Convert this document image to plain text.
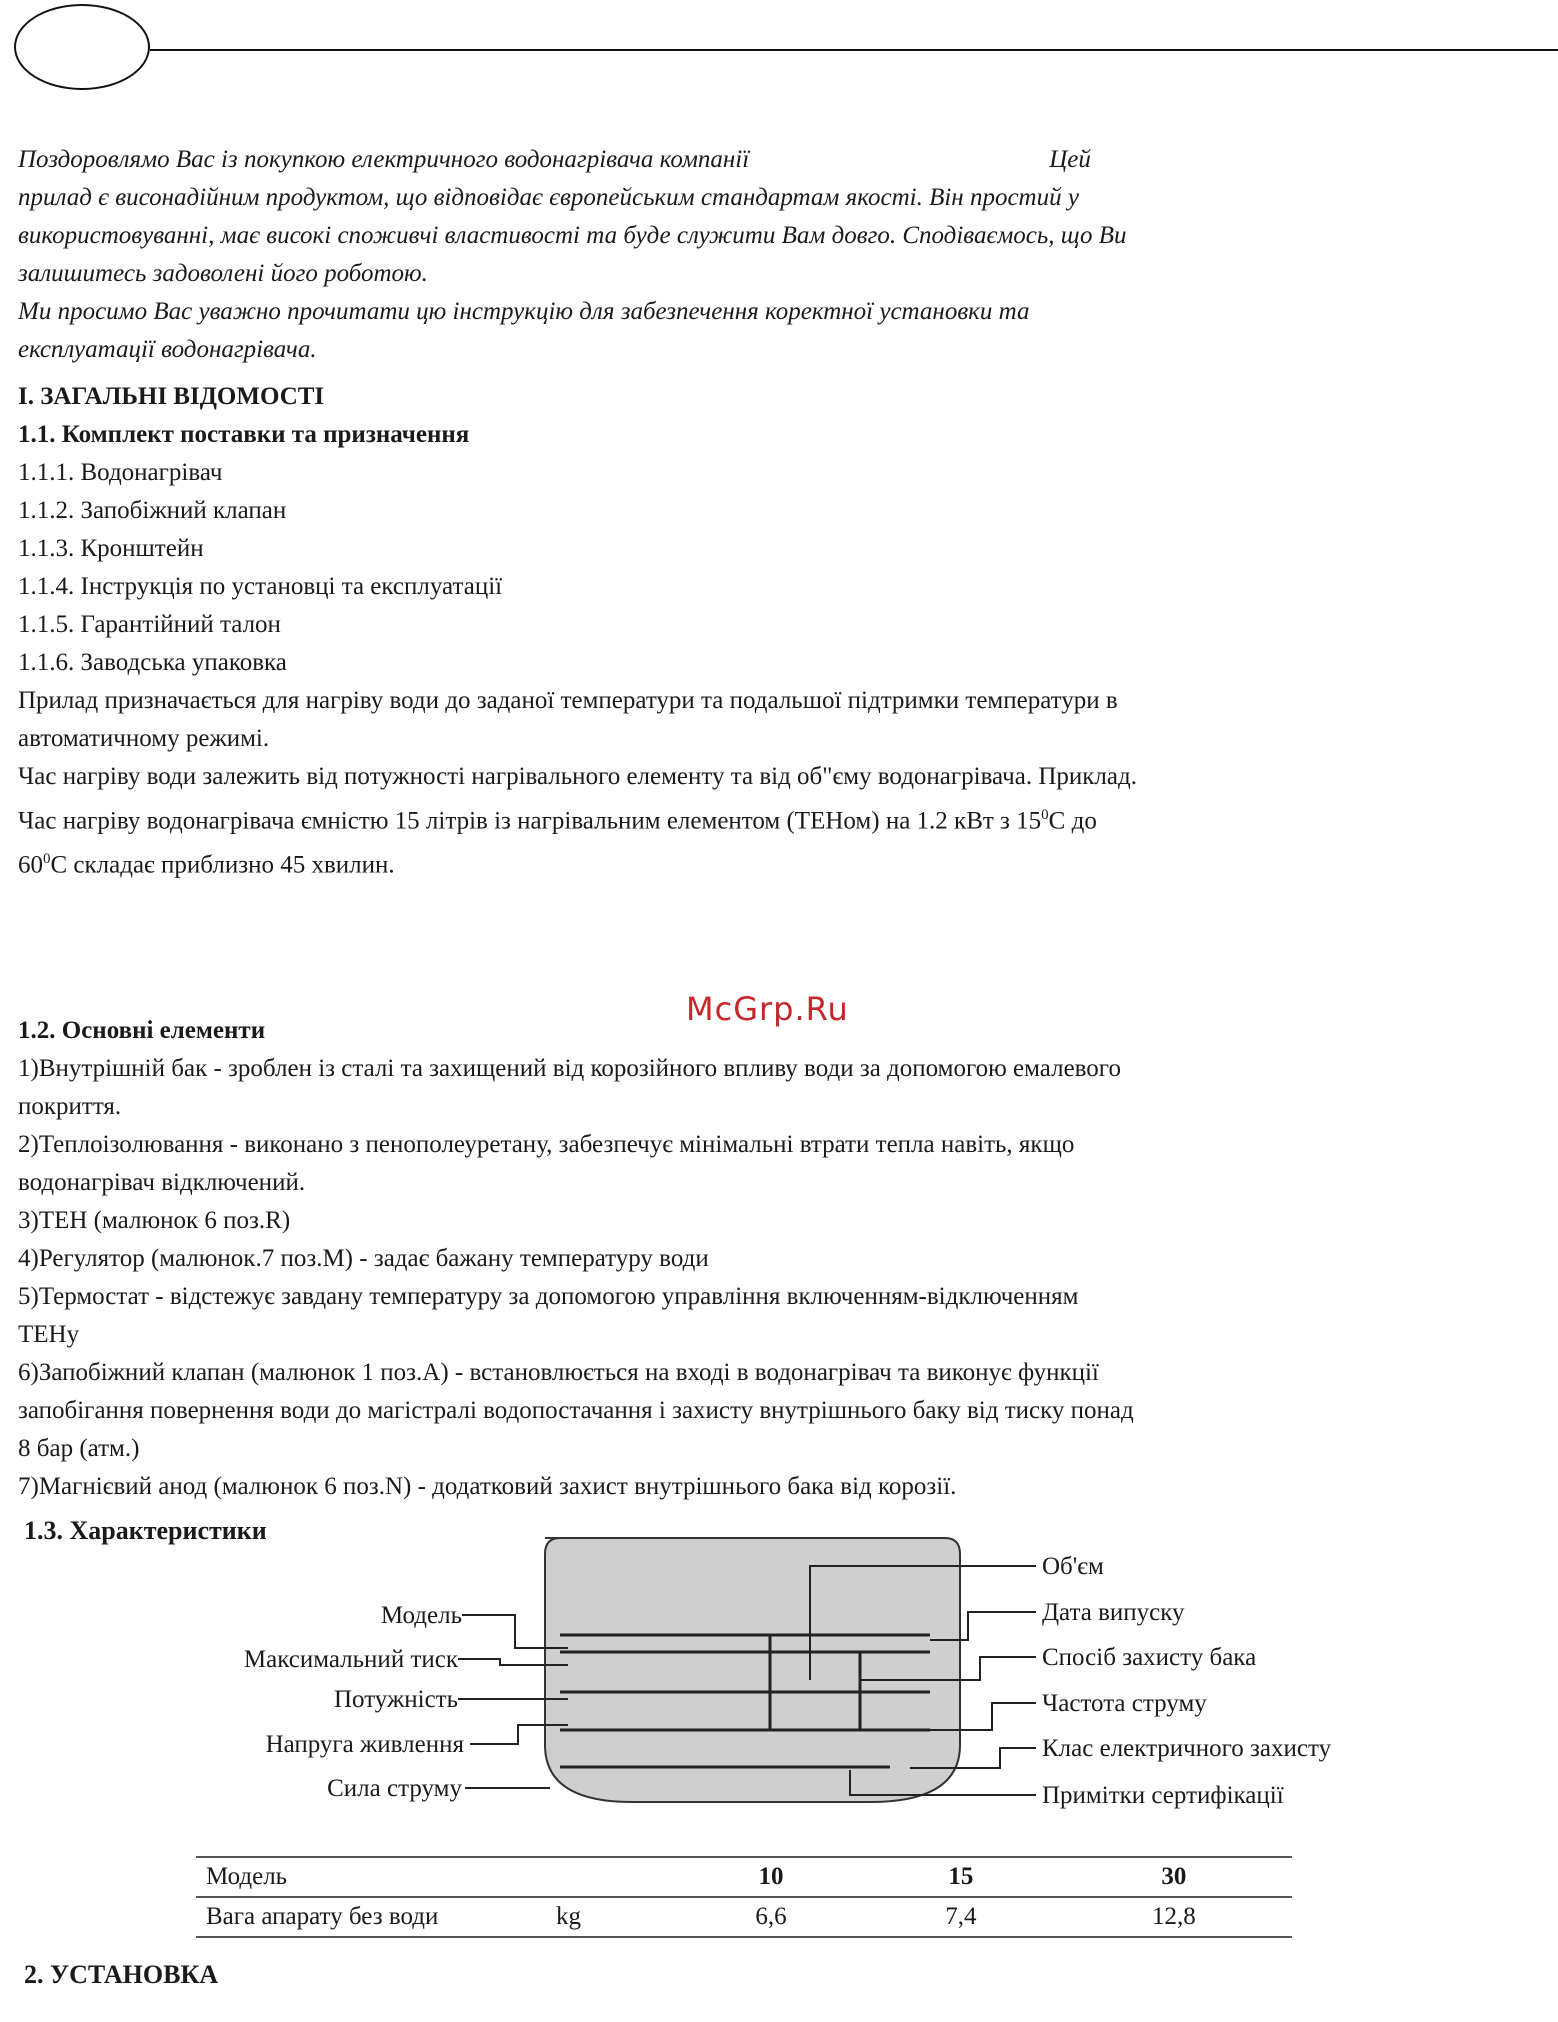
Поздоровлямо Вас із покупкою електричного водонагрівача компанії	Цей
прилад є висонадійним продуктом, що відповідає європейським стандартам якості. Він простий у
використовуванні, має високі споживчі властивості та буде служити Вам довго. Сподіваємось, що Ви
залишитесь задоволені його роботою.
Ми просимо Вас уважно прочитати цю інструкцію для забезпечення коректної установки та
експлуатації водонагрівача.
І. ЗАГАЛЬНІ ВІДОМОСТІ
1.1. Комплект поставки та призначення
1.1.1. Водонагрівач
1.1.2. Запобіжний клапан
1.1.3. Кронштейн
1.1.4. Інструкція по установці та експлуатації
1.1.5. Гарантійний талон
1.1.6. Заводська упаковка
Прилад призначається для нагріву води до заданої температури та подальшої підтримки температури в
автоматичному режимі.
Час нагріву води залежить від потужності нагрівального елементу та від об"єму водонагрівача. Приклад.
Час нагріву водонагрівача ємністю 15 літрів із нагрівальним елементом (ТЕНом) на 1.2 кВт з $15^0С$ до
$60^0С$ складає приблизно 45 хвилин.
McGrp.Ru
1.2. Основні елементи
1)Внутрішній бак - зроблен із сталі та захищений від корозійного впливу води за допомогою емалевого
покриття.
2)Теплоізолювання - виконано з пенополеуретану, забезпечує мінімальні втрати тепла навіть, якщо
водонагрівач відключений.
3)ТЕН (малюнок 6 поз.R)
4)Регулятор (малюнок.7 поз.M) - задає бажану температуру води
5)Термостат - відстежує завдану температуру за допомогою управління включенням-відключенням
ТЕНу
6)Запобіжний клапан (малюнок 1 поз.А) - встановлюється на вході в водонагрівач та виконує функції
запобігання повернення води до магістралі водопостачання і захисту внутрішнього баку від тиску понад
8 бар (атм.)
7)Магнієвий анод (малюнок 6 поз.N) - додатковий захист внутрішнього бака від корозії.
1.3. Характеристики
Модель
Максимальний тиск
Потужність
Напруга живлення
Сила струму
Об'єм
Дата випуску
Спосіб захисту бака
Частота струму
Клас електричного захисту
Примітки сертифікації
Модель		10	15	30
Вага апарату без води	kg	6,6	7,4	12,8
2. УСТАНОВКА
